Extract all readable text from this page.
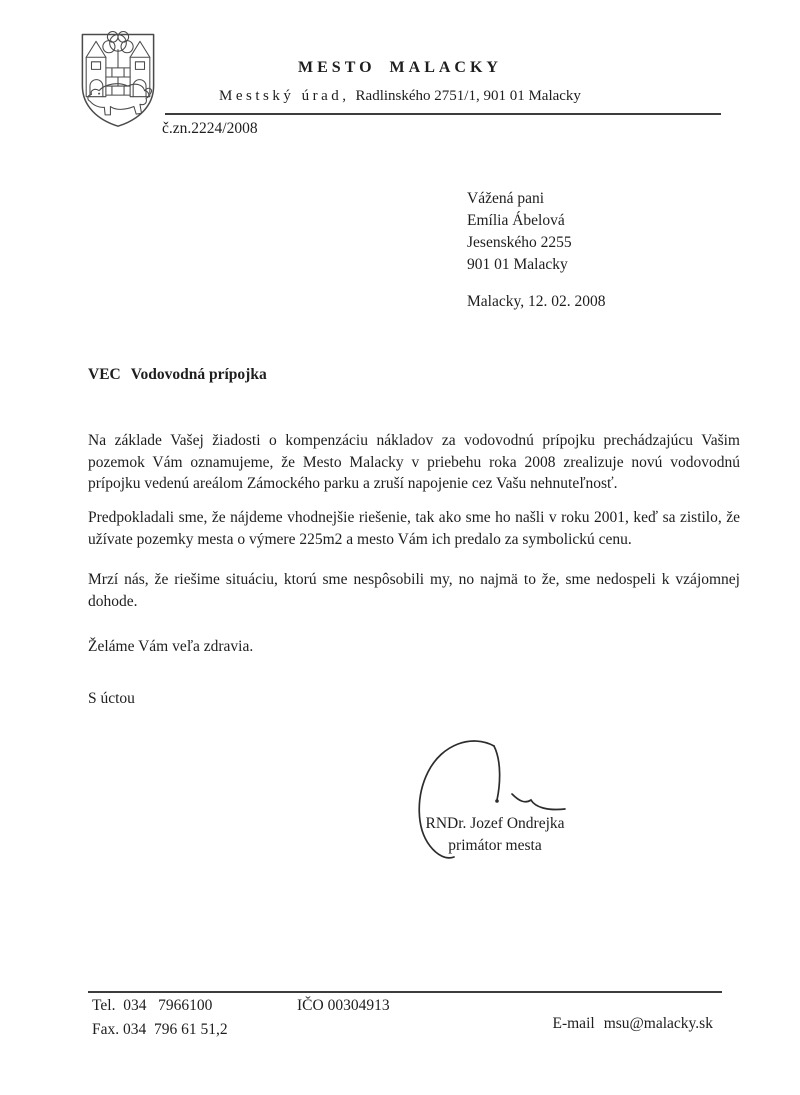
MESTO MALACKY
Mestský úrad, Radlinského 2751/1, 901 01 Malacky
č.zn.2224/2008
Vážená pani
Emília Ábelová
Jesenského 2255
901 01 Malacky
Malacky, 12. 02. 2008
VEC Vodovodná prípojka

Na základe Vašej žiadosti o kompenzáciu nákladov za vodovodnú prípojku prechádzajúcu Vašim pozemok Vám oznamujeme, že Mesto Malacky v priebehu roka 2008 zrealizuje novú vodovodnú prípojku vedenú areálom Zámockého parku a zruší napojenie cez Vašu nehnuteľnosť.

Predpokladali sme, že nájdeme vhodnejšie riešenie, tak ako sme ho našli v roku 2001, keď sa zistilo, že užívate pozemky mesta o výmere 225m2 a mesto Vám ich predalo za symbolickú cenu.

Mrzí nás, že riešime situáciu, ktorú sme nespôsobili my, no najmä to že, sme nedospeli k vzájomnej dohode.

Želáme Vám veľa zdravia.
S úctou
RNDr. Jozef Ondrejka
primátor mesta
Tel.  034   7966100
Fax. 034  796 61 51,2
IČO 00304913

E-mail msu@malacky.sk
